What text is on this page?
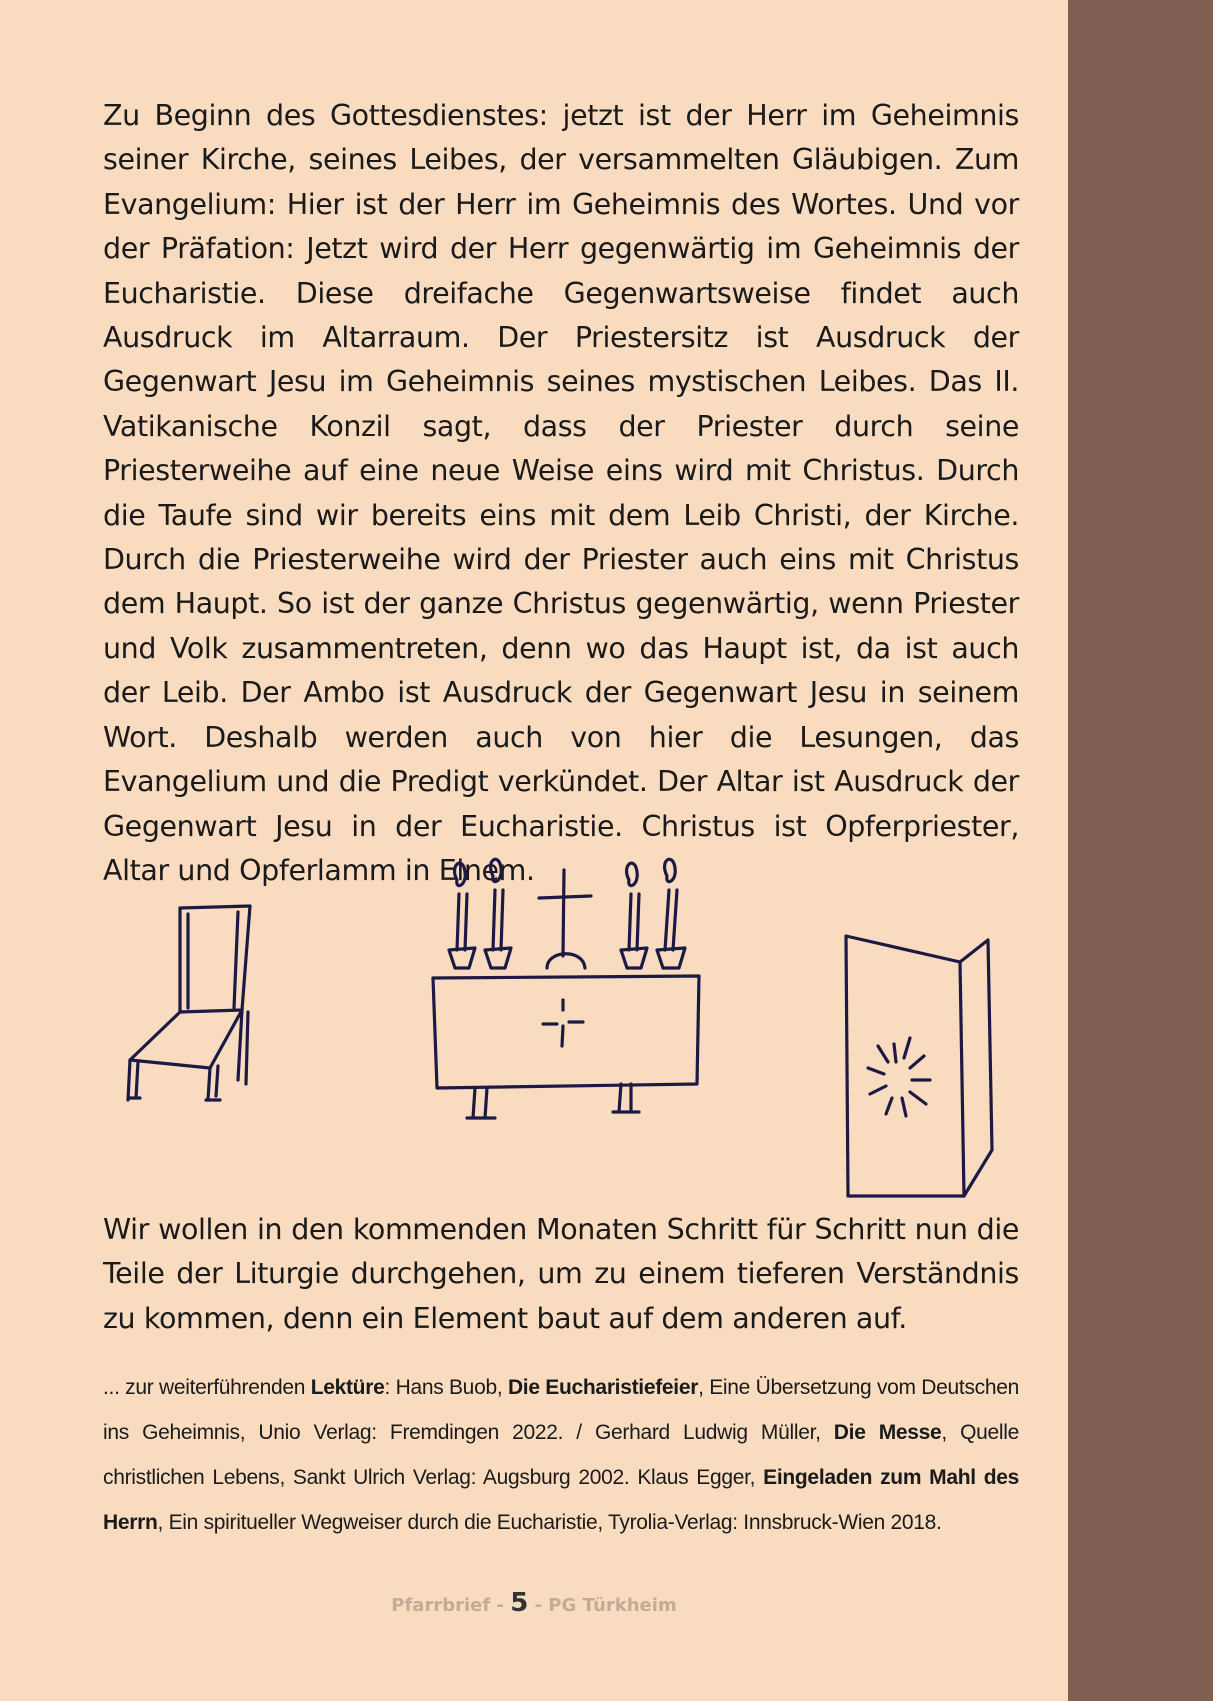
Zu Beginn des Gottesdienstes: jetzt ist der Herr im Geheimnis seiner Kirche, seines Leibes, der versammelten Gläubigen. Zum Evangelium: Hier ist der Herr im Geheimnis des Wortes. Und vor der Präfation: Jetzt wird der Herr gegenwärtig im Geheimnis der Eucharistie. Diese dreifache Gegenwartsweise findet auch Ausdruck im Altarraum. Der Priestersitz ist Ausdruck der Gegenwart Jesu im Geheimnis seines mystischen Leibes. Das II. Vatikanische Konzil sagt, dass der Priester durch seine Priesterweihe auf eine neue Weise eins wird mit Christus. Durch die Taufe sind wir bereits eins mit dem Leib Christi, der Kirche. Durch die Priesterweihe wird der Priester auch eins mit Christus dem Haupt. So ist der ganze Christus gegenwärtig, wenn Priester und Volk zusammentreten, denn wo das Haupt ist, da ist auch der Leib. Der Ambo ist Ausdruck der Gegenwart Jesu in seinem Wort. Deshalb werden auch von hier die Lesungen, das Evangelium und die Predigt verkündet. Der Altar ist Ausdruck der Gegenwart Jesu in der Eucharistie. Christus ist Opferpriester, Altar und Opferlamm in Einem.

Wir wollen in den kommenden Monaten Schritt für Schritt nun die Teile der Liturgie durchgehen, um zu einem tieferen Verständnis zu kommen, denn ein Element baut auf dem anderen auf.

... zur weiterführenden Lektüre: Hans Buob, Die Eucharistiefeier, Eine Übersetzung vom Deutschen ins Geheimnis, Unio Verlag: Fremdingen 2022. / Gerhard Ludwig Müller, Die Messe, Quelle christlichen Lebens, Sankt Ulrich Verlag: Augsburg 2002. Klaus Egger, Eingeladen zum Mahl des Herrn, Ein spiritueller Wegweiser durch die Eucharistie, Tyrolia-Verlag: Innsbruck-Wien 2018.
Pfarrbrief - 5 - PG Türkheim
